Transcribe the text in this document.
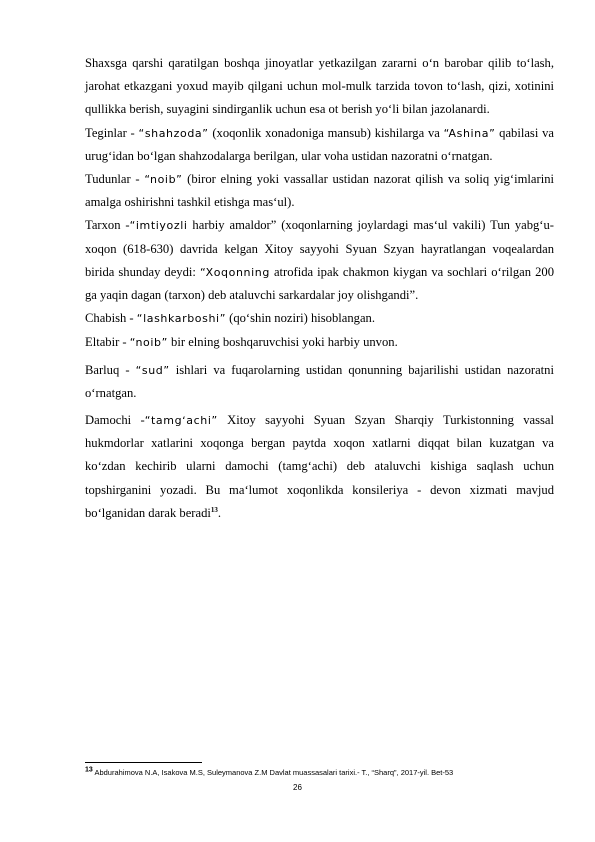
Shaxsga qarshi qaratilgan boshqa jinoyatlar yetkazilgan zararni oʻn barobar qilib toʻlash, jarohat etkazgani yoxud mayib qilgani uchun mol-mulk tarzida tovon toʻlash, qizi, xotinini qullikka berish, suyagini sindirganlik uchun esa ot berish yoʻli bilan jazolanardi.

Teginlar - “shahzoda” (xoqonlik xonadoniga mansub) kishilarga va “Ashina” qabilasi va urugʻidan boʻlgan shahzodalarga berilgan, ular voha ustidan nazoratni oʻrnatgan.

Tudunlar - “noib” (biror elning yoki vassallar ustidan nazorat qilish va soliq yigʻimlarini amalga oshirishni tashkil etishga masʻul).

Tarxon -“imtiyozli harbiy amaldor” (xoqonlarning joylardagi masʻul vakili) Tun yabgʻu-xoqon (618-630) davrida kelgan Xitoy sayyohi Syuan Szyan hayratlangan voqealardan birida shunday deydi: “Xoqonning atrofida ipak chakmon kiygan va sochlari oʻrilgan 200 ga yaqin dagan (tarxon) deb ataluvchi sarkardalar joy olishgandi”.

Chabish - “lashkarboshi” (qoʻshin noziri) hisoblangan.

Eltabir - “noib” bir elning boshqaruvchisi yoki harbiy unvon.

Barluq - “sud” ishlari va fuqarolarning ustidan qonunning bajarilishi ustidan nazoratni oʻrnatgan.

Damochi -“tamgʻachi” Xitoy sayyohi Syuan Szyan Sharqiy Turkistonning vassal hukmdorlar xatlarini xoqonga bergan paytda xoqon xatlarni diqqat bilan kuzatgan va koʻzdan kechirib ularni damochi (tamgʻachi) deb ataluvchi kishiga saqlash uchun topshirganini yozadi. Bu maʻlumot xoqonlikda konsileriya - devon xizmati mavjud boʻlganidan darak beradi$^{13}$.

$^{13}$ Abdurahimova N.A, Isakova M.S, Suleymanova Z.M Davlat muassasalari tarixi.- T., “Sharq”, 2017-yil. Bet-53
26
